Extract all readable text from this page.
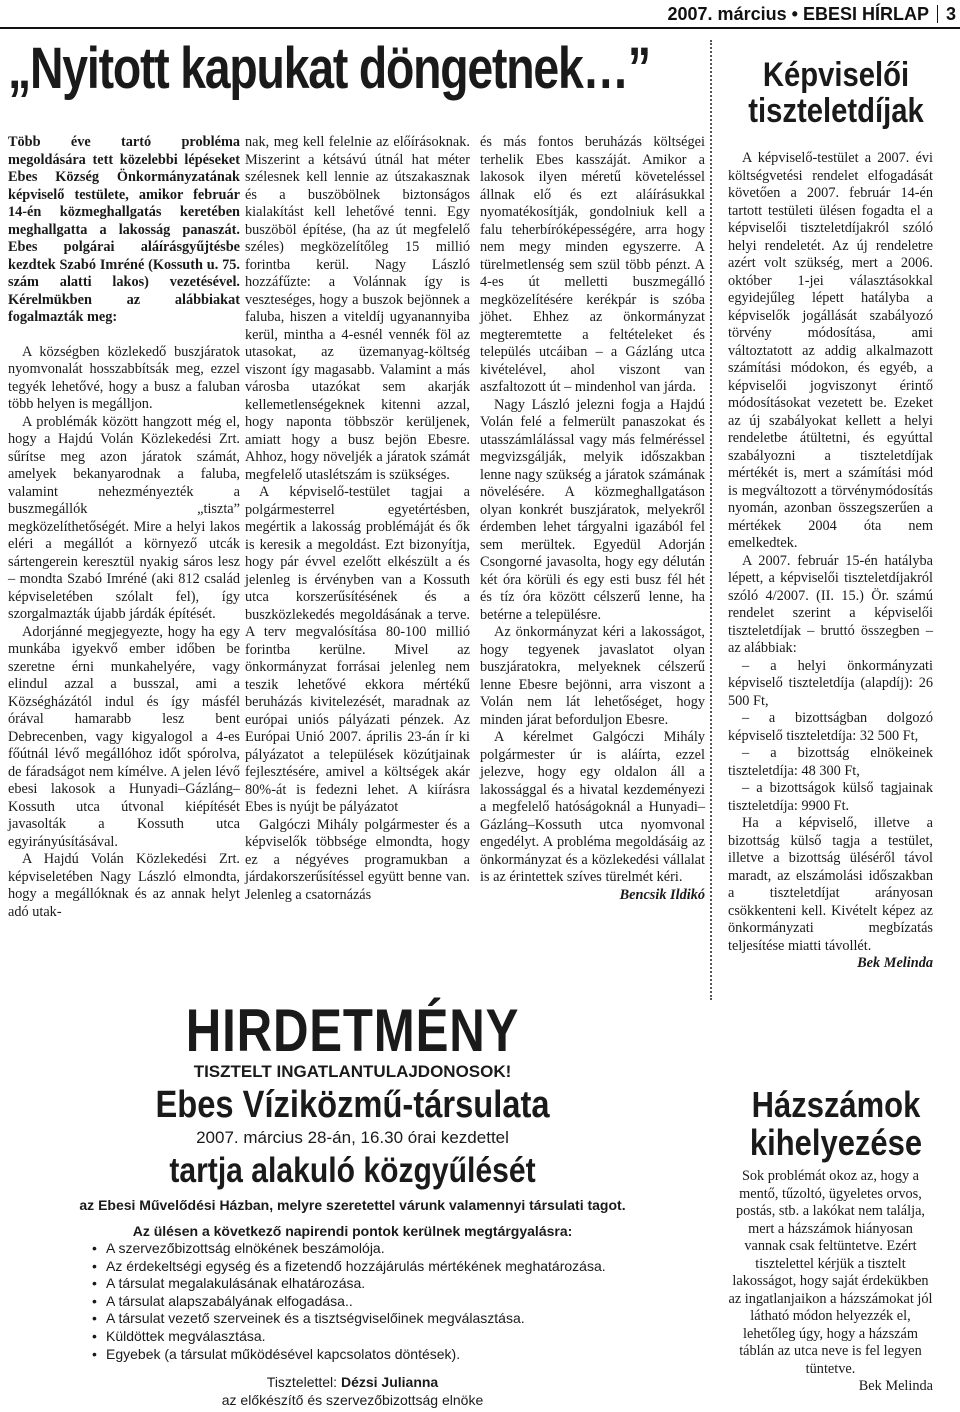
2007. március • EBESI HÍRLAP 3
„Nyitott kapukat döngetnek…”

Több éve tartó probléma megoldására tett közelebbi lépéseket Ebes Község Önkormányzatának képviselő testülete, amikor február 14-én közmeghallgatás keretében meghallgatta a lakosság panaszát. Ebes polgárai aláírásgyűjtésbe kezdtek Szabó Imréné (Kossuth u. 75. szám alatti lakos) vezetésével. Kérelmükben az alábbiakat fogalmazták meg:

A községben közlekedő buszjáratok nyomvonalát hosszabbítsák meg, ezzel tegyék lehetővé, hogy a busz a faluban több helyen is megálljon.

A problémák között hangzott még el, hogy a Hajdú Volán Közlekedési Zrt. sűrítse meg azon járatok számát, amelyek bekanyarodnak a faluba, valamint nehezményezték a buszmegállók „tiszta” megközelíthetőségét. Mire a helyi lakos eléri a megállót a környező utcák sártengerein keresztül nyakig sáros lesz – mondta Szabó Imréné (aki 812 család képviseletében szólalt fel), így szorgalmazták újabb járdák építését.

Adorjánné megjegyezte, hogy ha egy munkába igyekvő ember időben be szeretne érni munkahelyére, vagy elindul azzal a busszal, ami a Községházától indul és így másfél órával hamarabb lesz bent Debrecenben, vagy kigyalogol a 4-es főútnál lévő megállóhoz időt spórolva, de fáradságot nem kímélve. A jelen lévő ebesi lakosok a Hunyadi–Gázláng–Kossuth utca útvonal kiépítését javasolták a Kossuth utca egyirányúsításával.

A Hajdú Volán Közlekedési Zrt. képviseletében Nagy László elmondta, hogy a megállóknak és az annak helyt adó utak-

nak, meg kell felelnie az előírásoknak. Miszerint a kétsávú útnál hat méter szélesnek kell lennie az útszakasznak és a buszöbölnek biztonságos kialakítást kell lehetővé tenni. Egy buszöböl építése, (ha az út megfelelő széles) megközelítőleg 15 millió forintba kerül. Nagy László hozzáfűzte: a Volánnak így is veszteséges, hogy a buszok bejönnek a faluba, hiszen a viteldíj ugyanannyiba kerül, mintha a 4-esnél vennék föl az utasokat, az üzemanyag-költség viszont így magasabb. Valamint a más városba utazókat sem akarják kellemetlenségeknek kitenni azzal, hogy naponta többször kerüljenek, amiatt hogy a busz bejön Ebesre. Ahhoz, hogy növeljék a járatok számát megfelelő utaslétszám is szükséges.

A képviselő-testület tagjai a polgármesterrel egyetértésben, megértik a lakosság problémáját és ők is keresik a megoldást. Ezt bizonyítja, hogy pár évvel ezelőtt elkészült a és jelenleg is érvényben van a Kossuth utca korszerűsítésének és a buszközlekedés megoldásának a terve. A terv megvalósítása 80-100 millió forintba kerülne. Mivel az önkormányzat forrásai jelenleg nem teszik lehetővé ekkora mértékű beruházás kivitelezését, maradnak az európai uniós pályázati pénzek. Az Európai Unió 2007. április 23-án ír ki pályázatot a települések közútjainak fejlesztésére, amivel a költségek akár 80%-át is fedezni lehet. A kiírásra Ebes is nyújt be pályázatot

Galgóczi Mihály polgármester és a képviselők többsége elmondta, hogy ez a négyéves programukban a járdakorszerűsítéssel együtt benne van. Jelenleg a csatornázás

és más fontos beruházás költségei terhelik Ebes kasszáját. Amikor a lakosok ilyen méretű követeléssel állnak elő és ezt aláírásukkal nyomatékosítják, gondolniuk kell a falu teherbíróképességére, arra hogy nem megy minden egyszerre. A türelmetlenség sem szül több pénzt. A 4-es út melletti buszmegálló megközelítésére kerékpár is szóba jöhet. Ehhez az önkormányzat megteremtette a feltételeket és település utcáiban – a Gázláng utca kivételével, ahol viszont van aszfaltozott út – mindenhol van járda.

Nagy László jelezni fogja a Hajdú Volán felé a felmerült panaszokat és utasszámlálással vagy más felméréssel megvizsgálják, melyik időszakban lenne nagy szükség a járatok számának növelésére. A közmeghallgatáson olyan konkrét buszjáratok, melyekről érdemben lehet tárgyalni igazából fel sem merültek. Egyedül Adorján Csongorné javasolta, hogy egy délután két óra körüli és egy esti busz fél hét és tíz óra között célszerű lenne, ha betérne a településre.

Az önkormányzat kéri a lakosságot, hogy tegyenek javaslatot olyan buszjáratokra, melyeknek célszerű lenne Ebesre bejönni, arra viszont a Volán nem lát lehetőséget, hogy minden járat beforduljon Ebesre.

A kérelmet Galgóczi Mihály polgármester úr is aláírta, ezzel jelezve, hogy egy oldalon áll a lakossággal és a hivatal kezdeményezi a megfelelő hatóságoknál a Hunyadi–Gázláng–Kossuth utca nyomvonal engedélyt. A probléma megoldásáig az önkormányzat és a közlekedési vállalat is az érintettek szíves türelmét kéri.

Bencsik Ildikó

Képviselői tiszteletdíjak

A képviselő-testület a 2007. évi költségvetési rendelet elfogadását követően a 2007. február 14-én tartott testületi ülésen fogadta el a képviselői tiszteletdíjakról szóló helyi rendeletét. Az új rendeletre azért volt szükség, mert a 2006. október 1-jei választásokkal egyidejűleg lépett hatályba a képviselők jogállását szabályozó törvény módosítása, ami változtatott az addig alkalmazott számítási módokon, és egyéb, a képviselői jogviszonyt érintő módosításokat vezetett be. Ezeket az új szabályokat kellett a helyi rendeletbe átültetni, és egyúttal szabályozni a tiszteletdíjak mértékét is, mert a számítási mód is megváltozott a törvénymódosítás nyomán, azonban összegszerűen a mértékek 2004 óta nem emelkedtek.

A 2007. február 15-én hatályba lépett, a képviselői tiszteletdíjakról szóló 4/2007. (II. 15.) Ör. számú rendelet szerint a képviselői tiszteletdíjak – bruttó összegben – az alábbiak:

– a helyi önkormányzati képviselő tiszteletdíja (alapdíj): 26 500 Ft,

– a bizottságban dolgozó képviselő tiszteletdíja: 32 500 Ft,

– a bizottság elnökeinek tiszteletdíja: 48 300 Ft,

– a bizottságok külső tagjainak tiszteletdíja: 9900 Ft.

Ha a képviselő, illetve a bizottság külső tagja a testület, illetve a bizottság üléséről távol maradt, az elszámolási időszakban a tiszteletdíjat arányosan csökkenteni kell. Kivételt képez az önkormányzati megbízatás teljesítése miatti távollét.

Bek Melinda

Házszámok kihelyezése

Sok problémát okoz az, hogy a mentő, tűzoltó, ügyeletes orvos, postás, stb. a lakókat nem találja, mert a házszámok hiányosan vannak csak feltüntetve. Ezért tisztelettel kérjük a tisztelt lakosságot, hogy saját érdekükben az ingatlanjaikon a házszámokat jól látható módon helyezzék el, lehetőleg úgy, hogy a házszám táblán az utca neve is fel legyen tüntetve.

Bek Melinda

HIRDETMÉNY
TISZTELT INGATLANTULAJDONOSOK!
Ebes Víziközmű-társulata
2007. március 28-án, 16.30 órai kezdettel
tartja alakuló közgyűlését
az Ebesi Művelődési Házban, melyre szeretettel várunk valamennyi társulati tagot.
Az ülésen a következő napirendi pontok kerülnek megtárgyalásra:
• A szervezőbizottság elnökének beszámolója.
• Az érdekeltségi egység és a fizetendő hozzájárulás mértékének meghatározása.
• A társulat megalakulásának elhatározása.
• A társulat alapszabályának elfogadása..
• A társulat vezető szerveinek és a tisztségviselőinek megválasztása.
• Küldöttek megválasztása.
• Egyebek (a társulat működésével kapcsolatos döntések).
Tisztelettel: Dézsi Julianna
az előkészítő és szervezőbizottság elnöke
